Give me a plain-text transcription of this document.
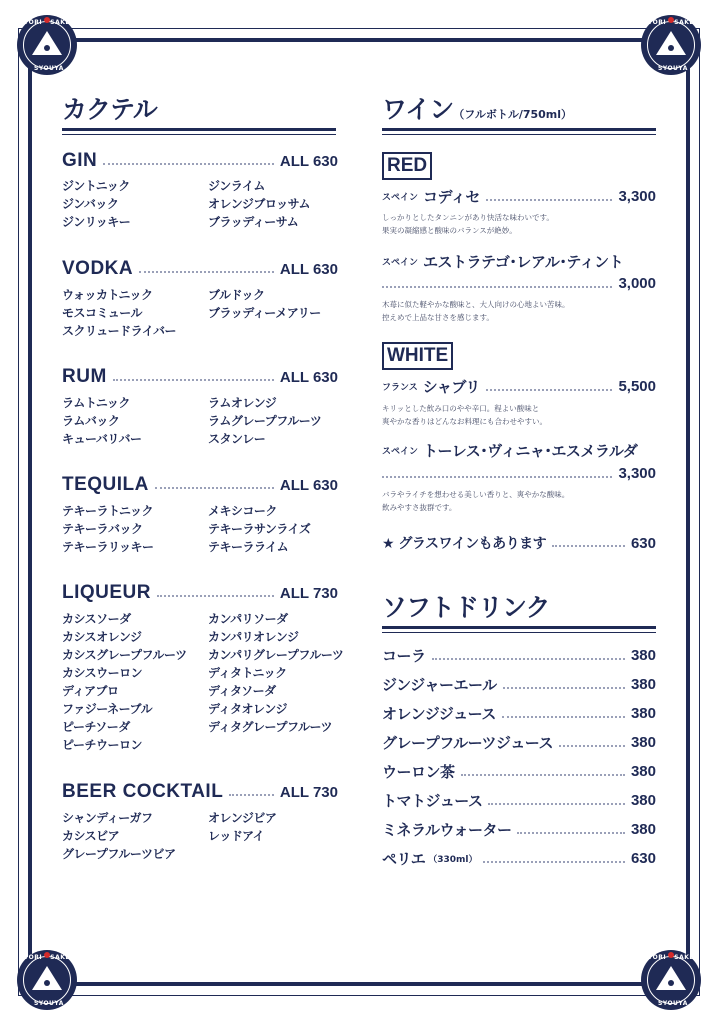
TORI SAKE
SYOUYA
TORI SAKE
SYOUYA
TORI SAKE
SYOUYA
TORI SAKE
SYOUYA
カクテル
GIN	ALL 630
ジントニック
ジンバック
ジンリッキー
ジンライム
オレンジブロッサム
ブラッディーサム
VODKA	ALL 630
ウォッカトニック
モスコミュール
スクリュードライバー
ブルドック
ブラッディーメアリー
RUM	ALL 630
ラムトニック
ラムバック
キューバリバー
ラムオレンジ
ラムグレープフルーツ
スタンレー
TEQUILA	ALL 630
テキーラトニック
テキーラバック
テキーラリッキー
メキシコーク
テキーラサンライズ
テキーラライム
LIQUEUR	ALL 730
カシスソーダ
カシスオレンジ
カシスグレープフルーツ
カシスウーロン
ディアブロ
ファジーネーブル
ピーチソーダ
ピーチウーロン
カンパリソーダ
カンパリオレンジ
カンパリグレープフルーツ
ディタトニック
ディタソーダ
ディタオレンジ
ディタグレープフルーツ
BEER COCKTAIL	ALL 730
シャンディーガフ
カシスビア
グレープフルーツビア
オレンジビア
レッドアイ
ワイン（フルボトル/750ml）
RED
スペイン コディセ	3,300
しっかりとしたタンニンがあり快活な味わいです。
果実の凝縮感と酸味のバランスが絶妙。
スペイン エストラテゴ･レアル･ティント
3,000
木苺に似た軽やかな酸味と、大人向けの心地よい苦味。
控えめで上品な甘さを感じます。
WHITE
フランス シャブリ	5,500
キリッとした飲み口のやや辛口。程よい酸味と
爽やかな香りはどんなお料理にも合わせやすい。
スペイン トーレス･ヴィニャ･エスメラルダ
3,300
バラやライチを想わせる美しい香りと、爽やかな酸味。
飲みやすさ抜群です。
★ グラスワインもあります	630
ソフトドリンク
コーラ	380
ジンジャーエール	380
オレンジジュース	380
グレープフルーツジュース	380
ウーロン茶	380
トマトジュース	380
ミネラルウォーター	380
ペリエ （330ml）	630
